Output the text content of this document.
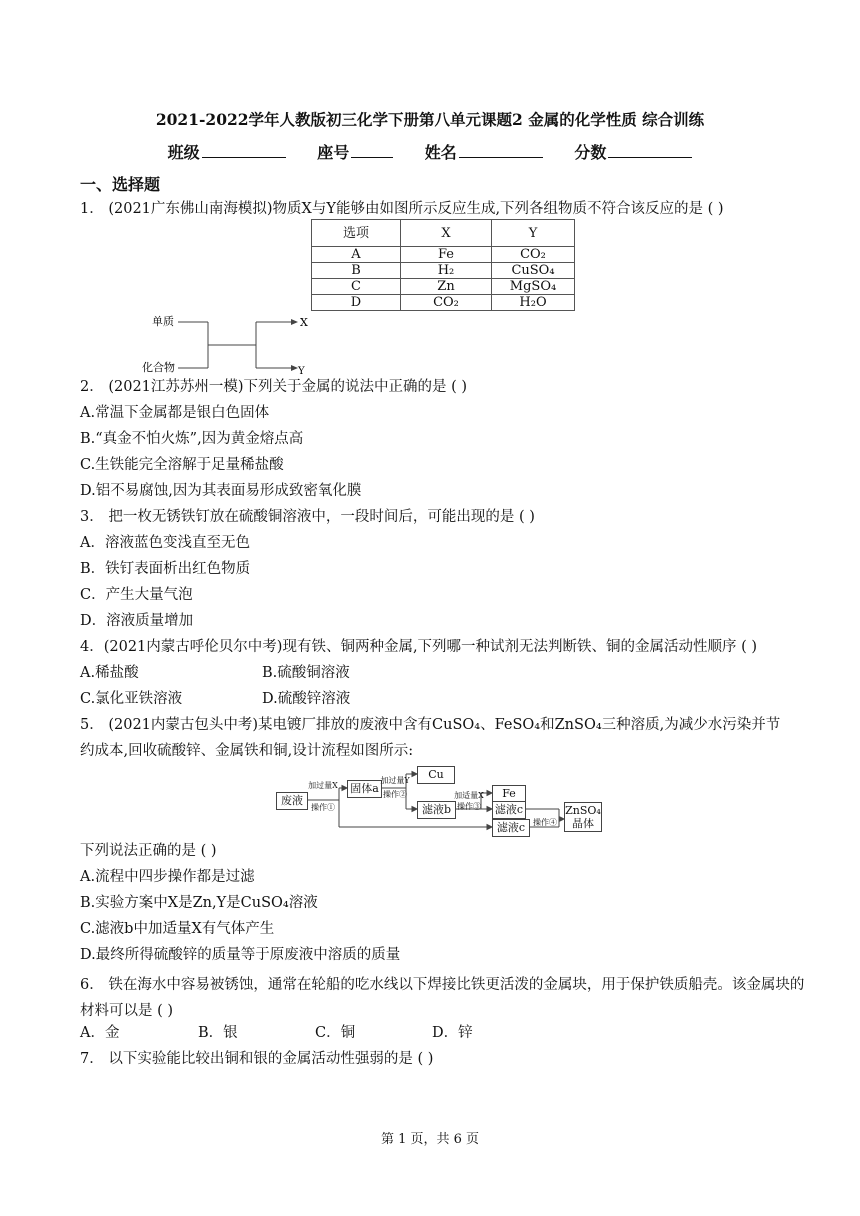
2021-2022学年人教版初三化学下册第八单元课题2 金属的化学性质 综合训练
班级	座号	姓名	分数
一、选择题
1． (2021广东佛山南海模拟)物质X与Y能够由如图所示反应生成,下列各组物质不符合该反应的是 ( )
选项	X	Y
A	Fe	CO₂
B	H₂	CuSO₄
C	Zn	MgSO₄
D	CO₂	H₂O
单质
化合物
X
Y
2． (2021江苏苏州一模)下列关于金属的说法中正确的是 ( )
A.常温下金属都是银白色固体
B.“真金不怕火炼”,因为黄金熔点高
C.生铁能完全溶解于足量稀盐酸
D.铝不易腐蚀,因为其表面易形成致密氧化膜
3． 把一枚无锈铁钉放在硫酸铜溶液中，一段时间后，可能出现的是 ( )
A．溶液蓝色变浅直至无色
B．铁钉表面析出红色物质
C．产生大量气泡
D．溶液质量增加
4．(2021内蒙古呼伦贝尔中考)现有铁、铜两种金属,下列哪一种试剂无法判断铁、铜的金属活动性顺序 ( )
A.稀盐酸	B.硫酸铜溶液
C.氯化亚铁溶液	D.硫酸锌溶液
5． (2021内蒙古包头中考)某电镀厂排放的废液中含有CuSO₄、FeSO₄和ZnSO₄三种溶质,为减少水污染并节
约成本,回收硫酸锌、金属铁和铜,设计流程如图所示:
废液
加过量X
操作①
固体a
加过量Y
操作②
Cu
滤液b
加适量X
操作③
Fe
滤液c
滤液c 操作④
ZnSO₄
晶体
下列说法正确的是 ( )
A.流程中四步操作都是过滤
B.实验方案中X是Zn,Y是CuSO₄溶液
C.滤液b中加适量X有气体产生
D.最终所得硫酸锌的质量等于原废液中溶质的质量
6． 铁在海水中容易被锈蚀，通常在轮船的吃水线以下焊接比铁更活泼的金属块，用于保护铁质船壳。该金属块的材料可以是 ( )
A．金	B．银	C．铜	D．锌
7． 以下实验能比较出铜和银的金属活动性强弱的是 ( )
第 1 页，共 6 页
